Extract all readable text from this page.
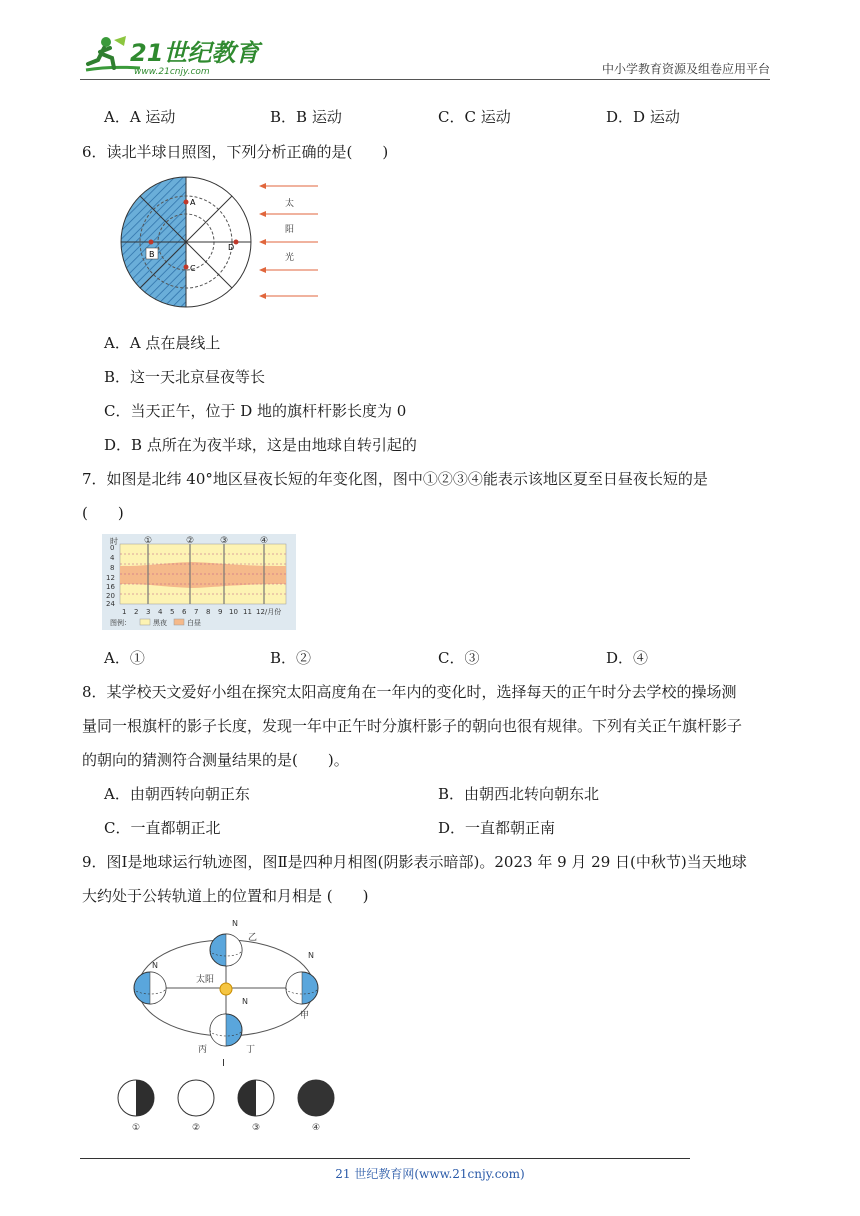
21世纪教育
www.21cnjy.com	中小学教育资源及组卷应用平台
A．A 运动	B．B 运动	C．C 运动	D．D 运动
6．读北半球日照图，下列分析正确的是(　　)
A
B
C
D
太
阳
光
A．A 点在晨线上
B．这一天北京昼夜等长
C．当天正午，位于 D 地的旗杆杆影长度为 0
D．B 点所在为夜半球，这是由地球自转引起的
7．如图是北纬 40°地区昼夜长短的年变化图，图中①②③④能表示该地区夏至日昼夜长短的是
(　　)
时	①	②	③	④
0
4
8
12
16
20
24
1 2 3 4 5 6 7 8 9 10 11 12/月份
图例：	黑夜	白昼
A．①	B．②	C．③	D．④
8．某学校天文爱好小组在探究太阳高度角在一年内的变化时，选择每天的正午时分去学校的操场测
量同一根旗杆的影子长度，发现一年中正午时分旗杆影子的朝向也很有规律。下列有关正午旗杆影子
的朝向的猜测符合测量结果的是(　　)。
A．由朝西转向朝正东	B．由朝西北转向朝东北
C．一直都朝正北	D．一直都朝正南
9．图Ⅰ是地球运行轨迹图，图Ⅱ是四种月相图(阴影表示暗部)。2023 年 9 月 29 日(中秋节)当天地球
大约处于公转轨道上的位置和月相是 (　　)
太阳
N
乙
N
N
甲
N
丙	丁
Ⅰ
①	②	③	④
21 世纪教育网(www.21cnjy.com)
